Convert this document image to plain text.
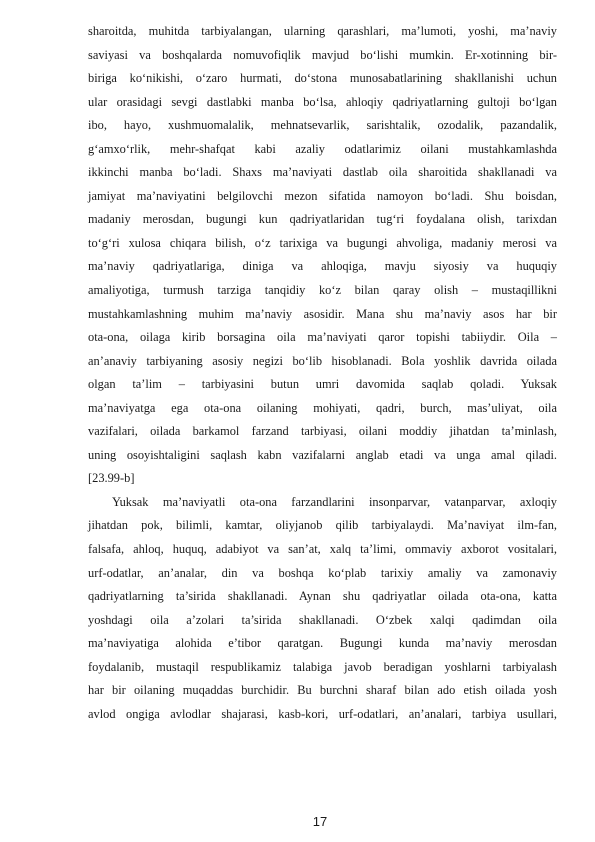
sharoitda, muhitda tarbiyalangan, ularning qarashlari, ma’lumoti, yoshi, ma’naviy
saviyasi va boshqalarda nomuvofiqlik mavjud bo‘lishi mumkin. Er-xotinning bir-
biriga ko‘nikishi, o‘zaro hurmati, do‘stona munosabatlarining shakllanishi uchun
ular orasidagi sevgi dastlabki manba bo‘lsa, ahloqiy qadriyatlarning gultoji bo‘lgan
ibo, hayo, xushmuomalalik, mehnatsevarlik, sarishtalik, ozodalik, pazandalik,
g‘amxo‘rlik, mehr-shafqat kabi azaliy odatlarimiz oilani mustahkamlashda
ikkinchi manba bo‘ladi. Shaxs ma’naviyati dastlab oila sharoitida shakllanadi va
jamiyat ma’naviyatini belgilovchi mezon sifatida namoyon bo‘ladi. Shu boisdan,
madaniy merosdan, bugungi kun qadriyatlaridan tug‘ri foydalana olish, tarixdan
to‘g‘ri xulosa chiqara bilish, o‘z tarixiga va bugungi ahvoliga, madaniy merosi va
ma’naviy qadriyatlariga, diniga va ahloqiga, mavju siyosiy va huquqiy
amaliyotiga, turmush tarziga tanqidiy ko‘z bilan qaray olish – mustaqillikni
mustahkamlashning muhim ma’naviy asosidir. Mana shu ma’naviy asos har bir
ota-ona, oilaga kirib borsagina oila ma’naviyati qaror topishi tabiiydir. Oila –
an’anaviy tarbiyaning asosiy negizi bo‘lib hisoblanadi. Bola yoshlik davrida oilada
olgan ta’lim – tarbiyasini butun umri davomida saqlab qoladi. Yuksak
ma’naviyatga ega ota-ona oilaning mohiyati, qadri, burch, mas’uliyat, oila
vazifalari, oilada barkamol farzand tarbiyasi, oilani moddiy jihatdan ta’minlash,
uning osoyishtaligini saqlash kabn vazifalarni anglab etadi va unga amal qiladi.
[23.99-b]

Yuksak ma’naviyatli ota-ona farzandlarini insonparvar, vatanparvar, axloqiy
jihatdan pok, bilimli, kamtar, oliyjanob qilib tarbiyalaydi. Ma’naviyat ilm-fan,
falsafa, ahloq, huquq, adabiyot va san’at, xalq ta’limi, ommaviy axborot vositalari,
urf-odatlar, an’analar, din va boshqa ko‘plab tarixiy amaliy va zamonaviy
qadriyatlarning ta’sirida shakllanadi. Aynan shu qadriyatlar oilada ota-ona, katta
yoshdagi oila a’zolari ta’sirida shakllanadi. O‘zbek xalqi qadimdan oila
ma’naviyatiga alohida e’tibor qaratgan. Bugungi kunda ma’naviy merosdan
foydalanib, mustaqil respublikamiz talabiga javob beradigan yoshlarni tarbiyalash
har bir oilaning muqaddas burchidir. Bu burchni sharaf bilan ado etish oilada yosh
avlod ongiga avlodlar shajarasi, kasb-kori, urf-odatlari, an’analari, tarbiya usullari,

17
